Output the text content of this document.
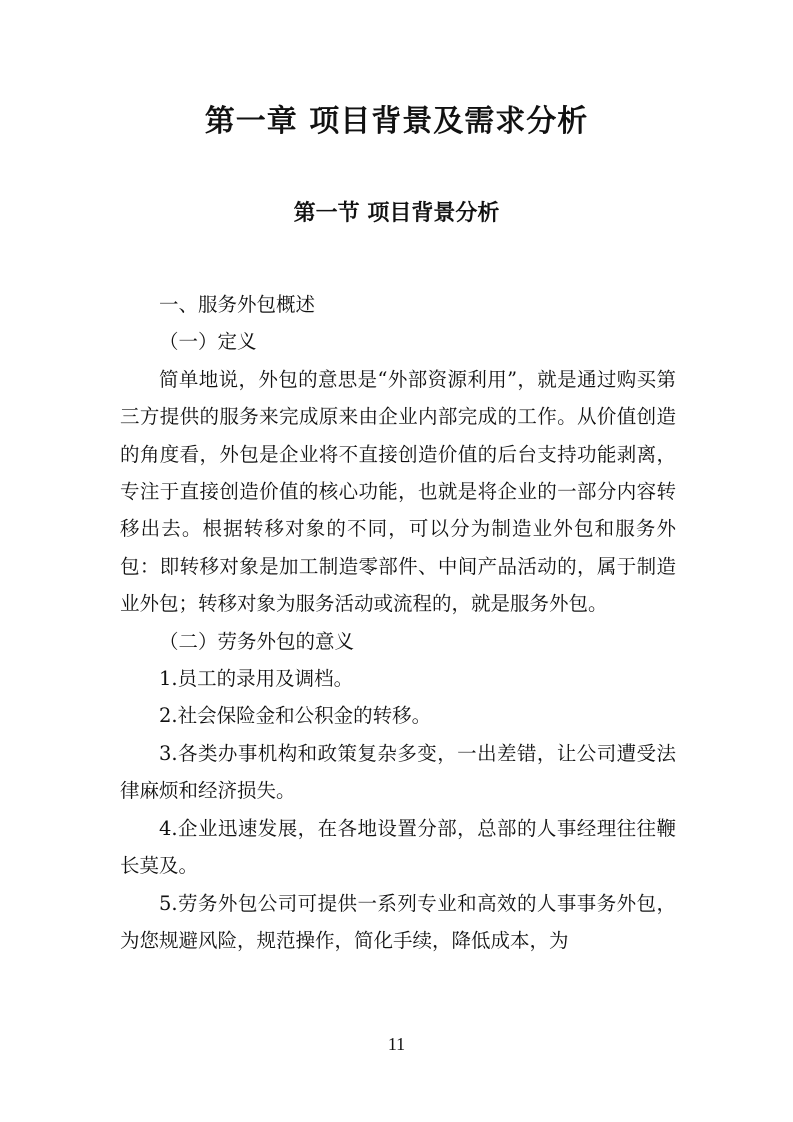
第一章 项目背景及需求分析
第一节 项目背景分析

一、服务外包概述

（一）定义

简单地说，外包的意思是“外部资源利用”，就是通过购买第三方提供的服务来完成原来由企业内部完成的工作。从价值创造的角度看，外包是企业将不直接创造价值的后台支持功能剥离，专注于直接创造价值的核心功能，也就是将企业的一部分内容转移出去。根据转移对象的不同，可以分为制造业外包和服务外包：即转移对象是加工制造零部件、中间产品活动的，属于制造业外包；转移对象为服务活动或流程的，就是服务外包。

（二）劳务外包的意义

1.员工的录用及调档。

2.社会保险金和公积金的转移。

3.各类办事机构和政策复杂多变，一出差错，让公司遭受法律麻烦和经济损失。

4.企业迅速发展，在各地设置分部，总部的人事经理往往鞭长莫及。

5.劳务外包公司可提供一系列专业和高效的人事事务外包，为您规避风险，规范操作，简化手续，降低成本，为

11
